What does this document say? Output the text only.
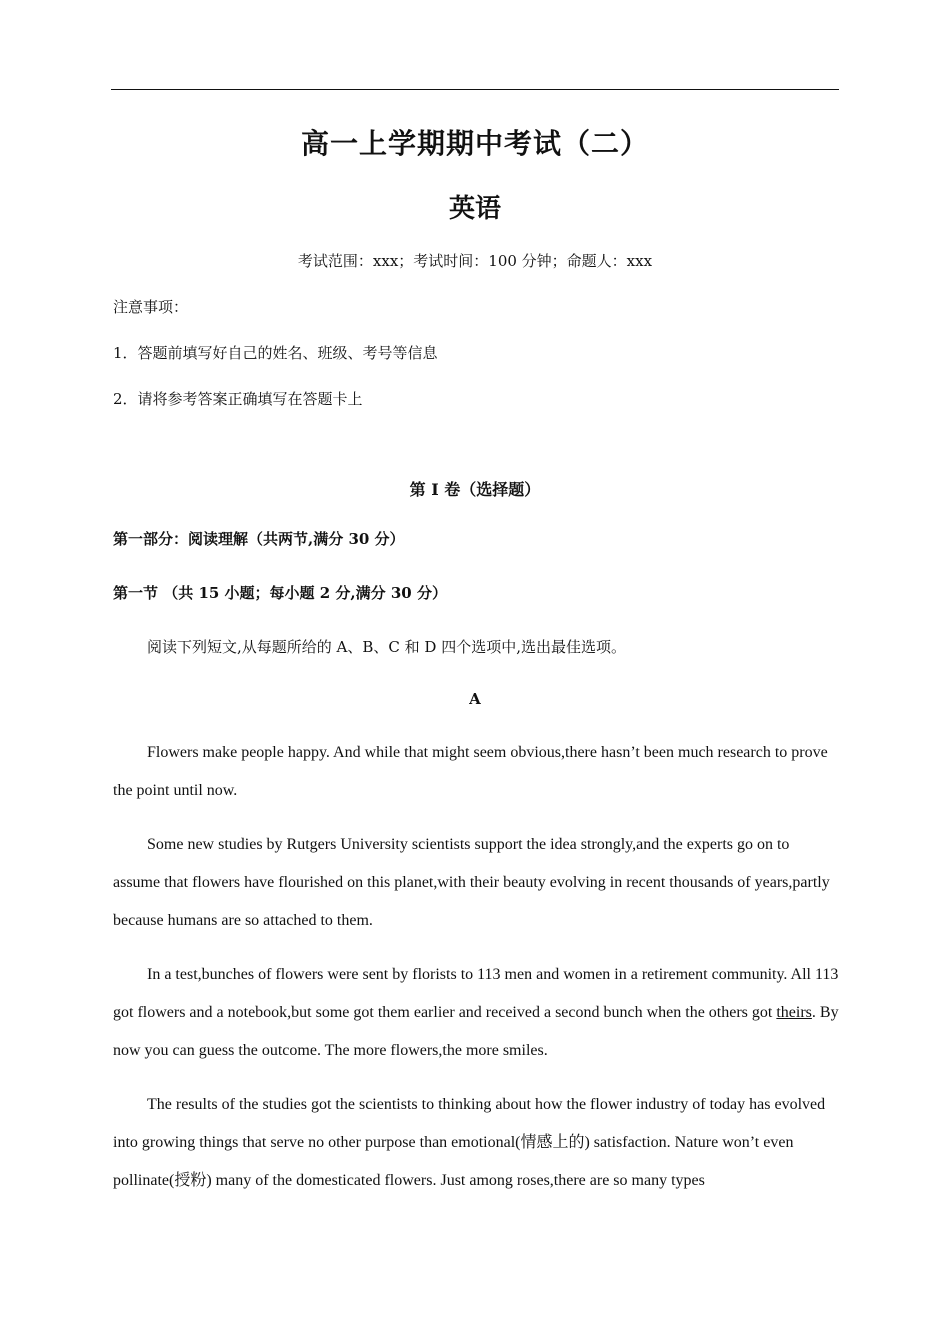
高一上学期期中考试（二）
英语
考试范围：xxx；考试时间：100 分钟；命题人：xxx
注意事项：
1．答题前填写好自己的姓名、班级、考号等信息
2．请将参考答案正确填写在答题卡上
第 I 卷（选择题）
第一部分：阅读理解（共两节,满分 30 分）
第一节 （共 15 小题；每小题 2 分,满分 30 分）
阅读下列短文,从每题所给的 A、B、C 和 D 四个选项中,选出最佳选项。
A

Flowers make people happy. And while that might seem obvious,there hasn’t been much research to prove the point until now.

Some new studies by Rutgers University scientists support the idea strongly,and the experts go on to assume that flowers have flourished on this planet,with their beauty evolving in recent thousands of years,partly because humans are so attached to them.

In a test,bunches of flowers were sent by florists to 113 men and women in a retirement community. All 113 got flowers and a notebook,but some got them earlier and received a second bunch when the others got theirs. By now you can guess the outcome. The more flowers,the more smiles.

The results of the studies got the scientists to thinking about how the flower industry of today has evolved into growing things that serve no other purpose than emotional(情感上的) satisfaction. Nature won’t even pollinate(授粉) many of the domesticated flowers. Just among roses,there are so many types
